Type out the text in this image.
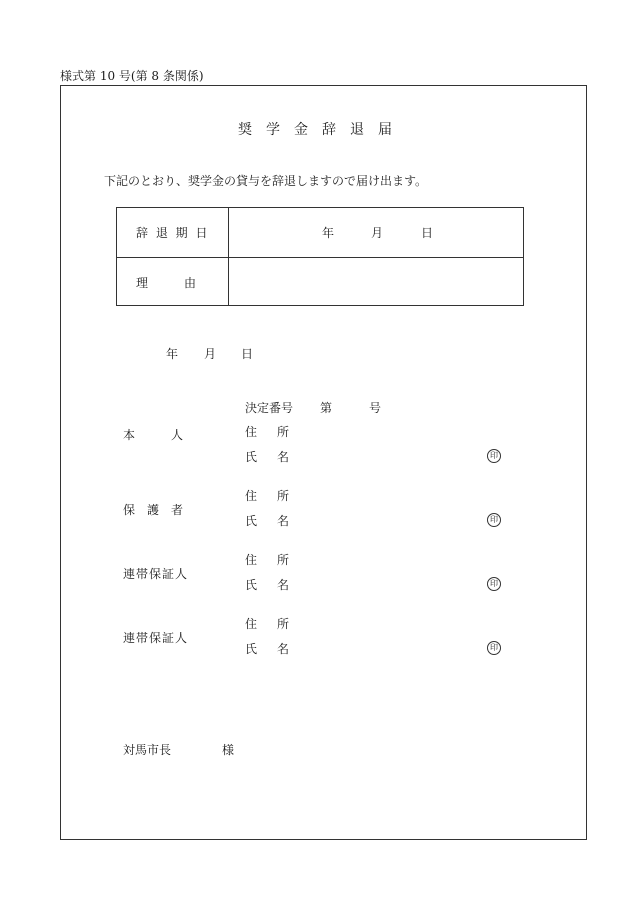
様式第 10 号(第 8 条関係)
奨学金辞退届
下記のとおり、奨学金の貸与を辞退しますので届け出ます。
辞 退 期 日	年	月	日
理　　　由
年 月 日
決定番号 第	号
本　　　人	住　所
氏　名	印
保　護　者
住　所
氏　名	印
連帯保証人
住　所
氏　名	印
連帯保証人
住　所
氏　名	印
対馬市長	様
